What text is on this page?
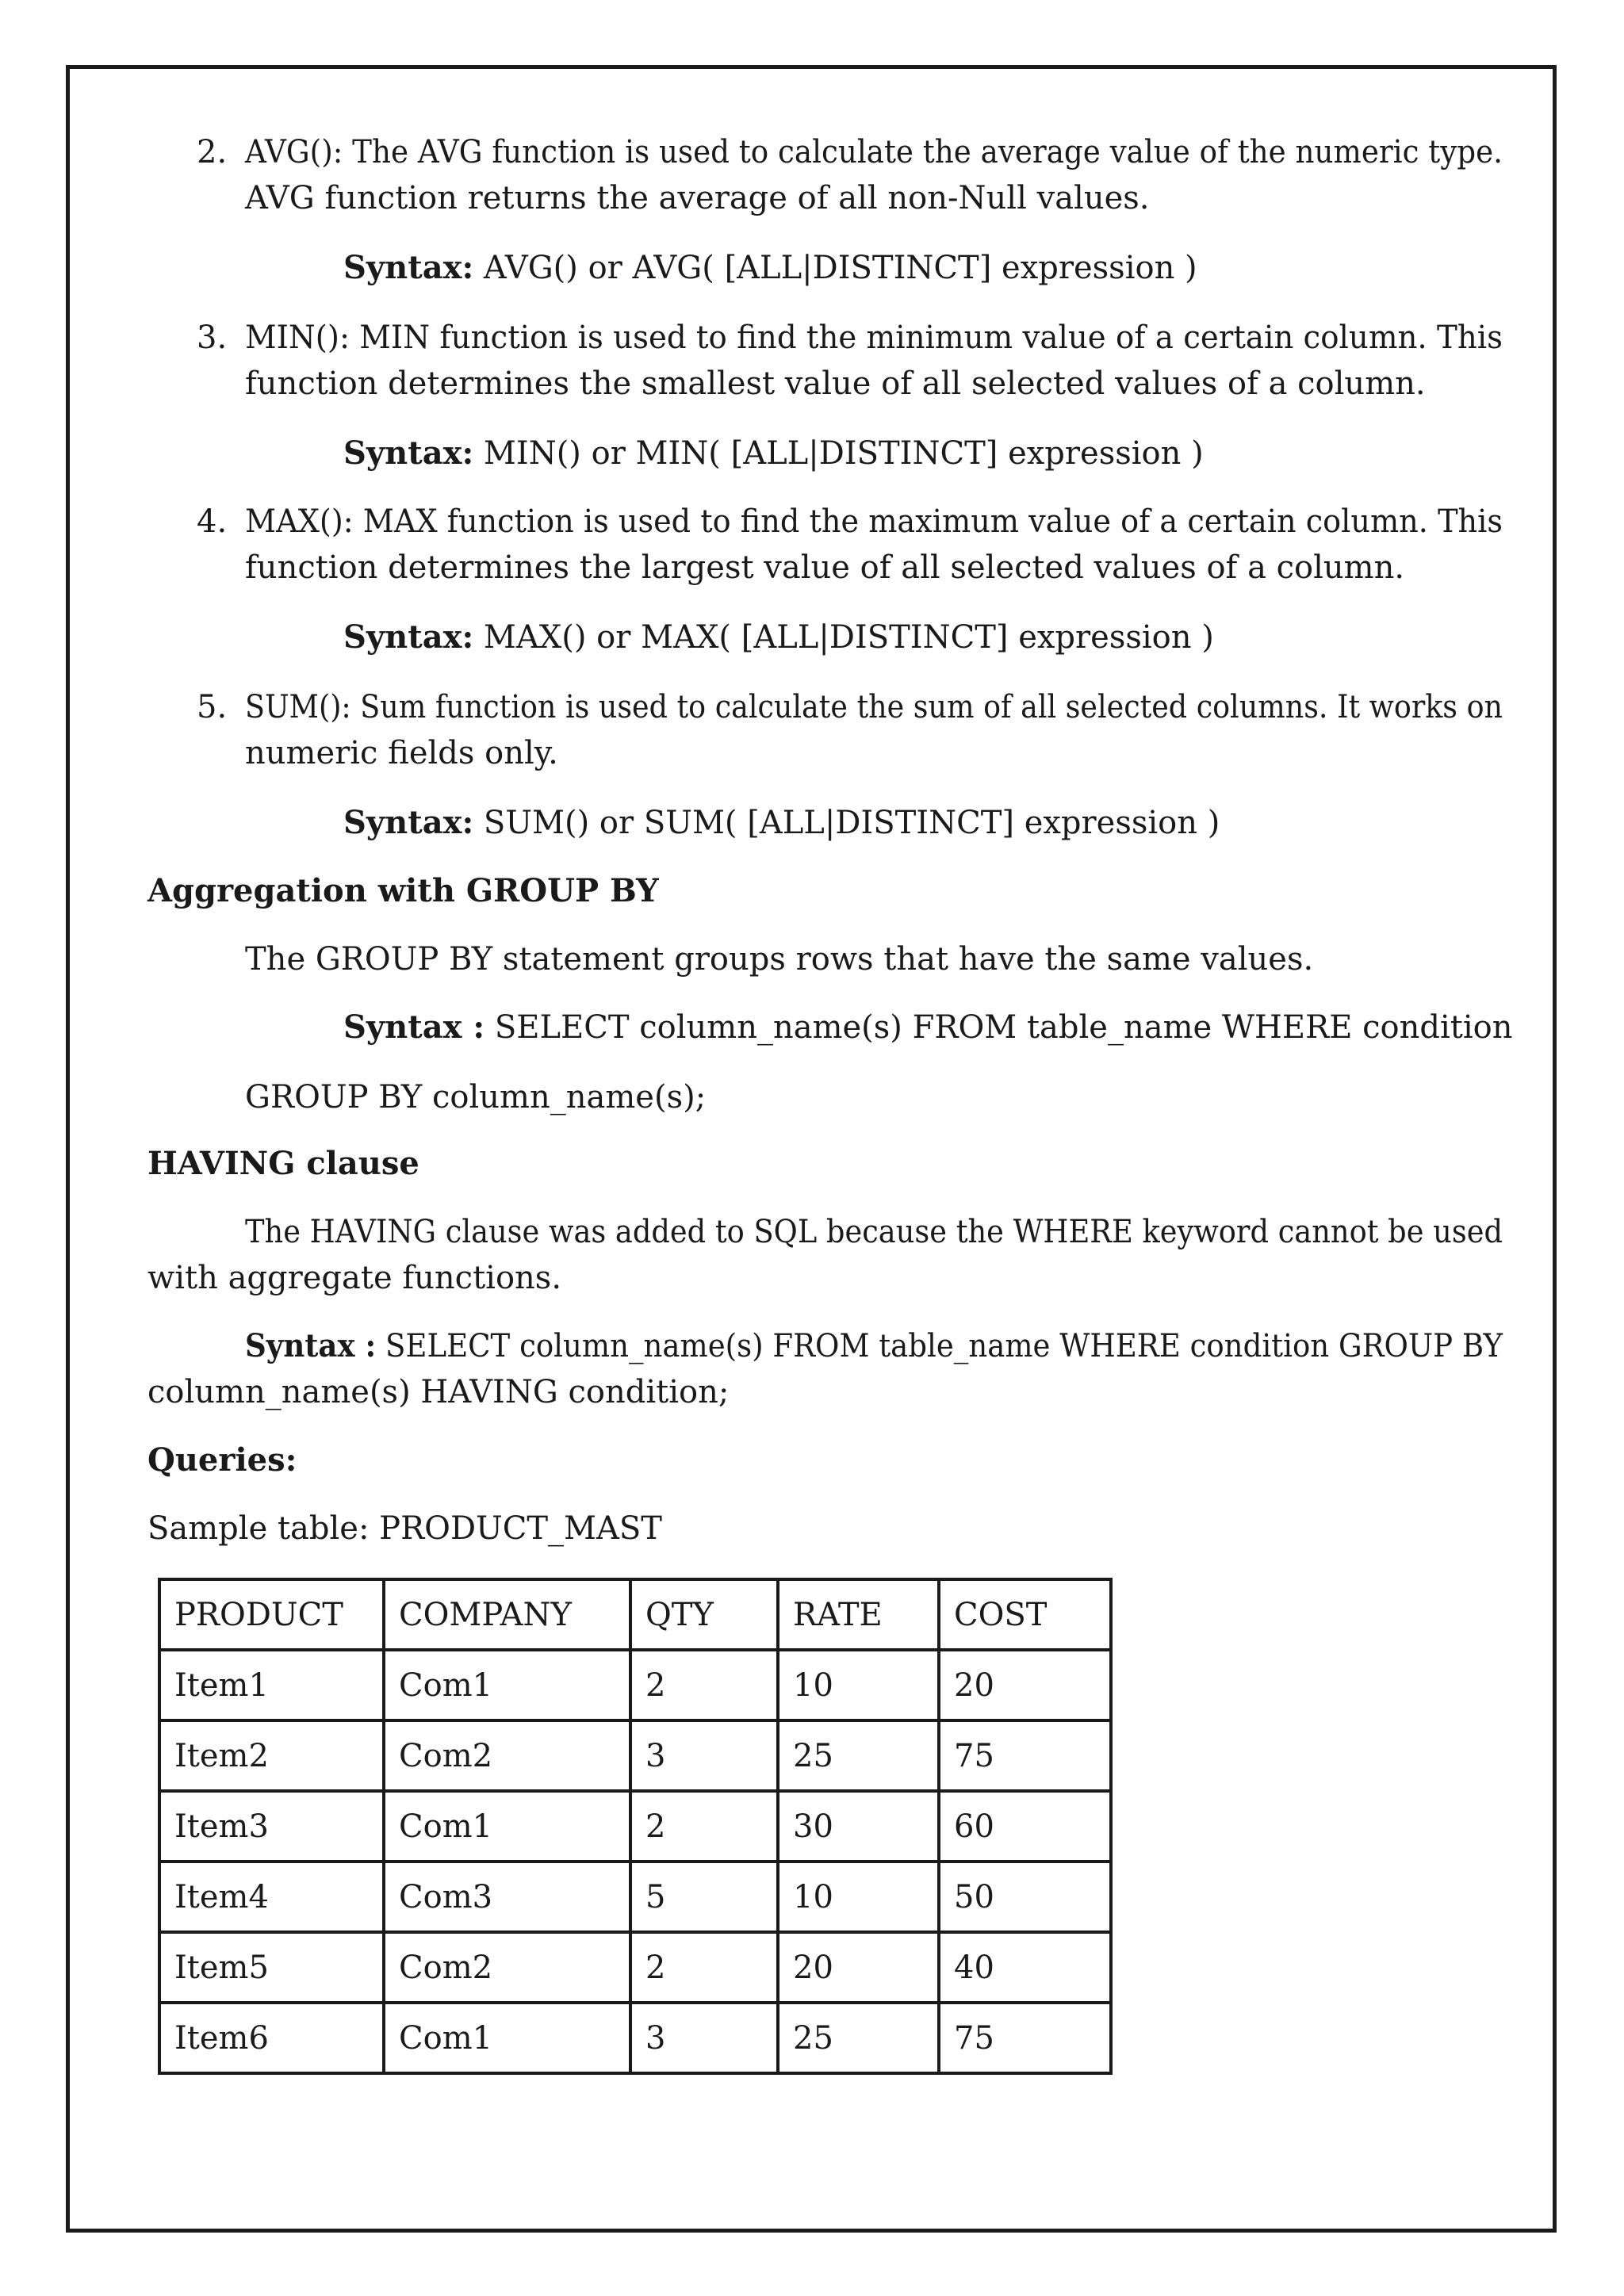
2. AVG(): The AVG function is used to calculate the average value of the numeric type.
AVG function returns the average of all non-Null values.
Syntax: AVG() or AVG( [ALL|DISTINCT] expression )
3. MIN(): MIN function is used to find the minimum value of a certain column. This
function determines the smallest value of all selected values of a column.
Syntax: MIN() or MIN( [ALL|DISTINCT] expression )
4. MAX(): MAX function is used to find the maximum value of a certain column. This
function determines the largest value of all selected values of a column.
Syntax: MAX() or MAX( [ALL|DISTINCT] expression )
5. SUM(): Sum function is used to calculate the sum of all selected columns. It works on
numeric fields only.
Syntax: SUM() or SUM( [ALL|DISTINCT] expression )
Aggregation with GROUP BY
The GROUP BY statement groups rows that have the same values.
Syntax : SELECT column_name(s) FROM table_name WHERE condition
GROUP BY column_name(s);
HAVING clause
The HAVING clause was added to SQL because the WHERE keyword cannot be used
with aggregate functions.
Syntax : SELECT column_name(s) FROM table_name WHERE condition GROUP BY
column_name(s) HAVING condition;
Queries:
Sample table: PRODUCT_MAST
PRODUCT	COMPANY	QTY	RATE	COST
Item1	Com1	2	10	20
Item2	Com2	3	25	75
Item3	Com1	2	30	60
Item4	Com3	5	10	50
Item5	Com2	2	20	40
Item6	Com1	3	25	75
